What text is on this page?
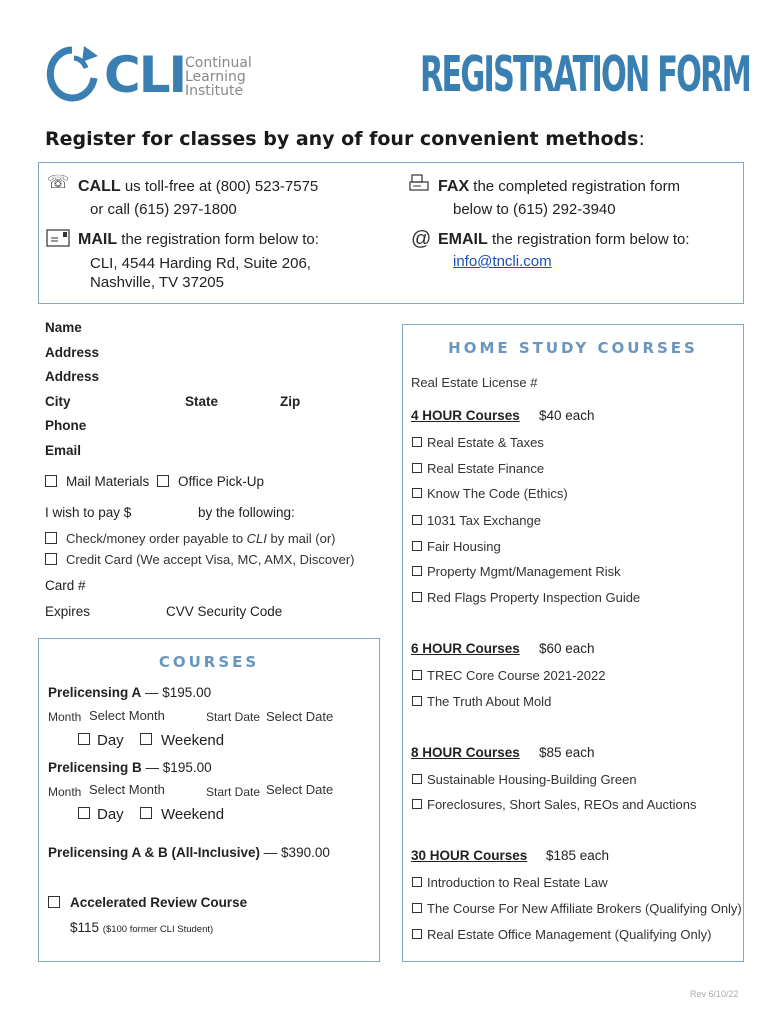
CLI Continual
Learning
Institute	REGISTRATION FORM
Register for classes by any of four convenient methods:
☏ CALL us toll-free at (800) 523-7575
or call (615) 297-1800
FAX the completed registration form
below to (615) 292-3940
MAIL the registration form below to:
CLI, 4544 Harding Rd, Suite 206,
Nashville, TV 37205
@ EMAIL the registration form below to:
info@tncli.com
Name
Address
Address
City	State	Zip
Phone
Email
Mail Materials Office Pick-Up
I wish to pay $	by the following:
Check/money order payable to CLI by mail (or)
Credit Card (We accept Visa, MC, AMX, Discover)
Card #
Expires	CVV Security Code
COURSES
Prelicensing A — $195.00
Month Select Month	Start Date Select Date
Day Weekend
Prelicensing B — $195.00
Month Select Month	Start Date Select Date
Day Weekend
Prelicensing A & B (All-Inclusive) — $390.00
Accelerated Review Course
$115 ($100 former CLI Student)
HOME STUDY COURSES
Real Estate License #
4 HOUR Courses $40 each
Real Estate & Taxes
Real Estate Finance
Know The Code (Ethics)
1031 Tax Exchange
Fair Housing
Property Mgmt/Management Risk
Red Flags Property Inspection Guide
6 HOUR Courses $60 each
TREC Core Course 2021-2022
The Truth About Mold
8 HOUR Courses $85 each
Sustainable Housing-Building Green
Foreclosures, Short Sales, REOs and Auctions
30 HOUR Courses $185 each
Introduction to Real Estate Law
The Course For New Affiliate Brokers (Qualifying Only)
Real Estate Office Management (Qualifying Only)
Rev 6/10/22
